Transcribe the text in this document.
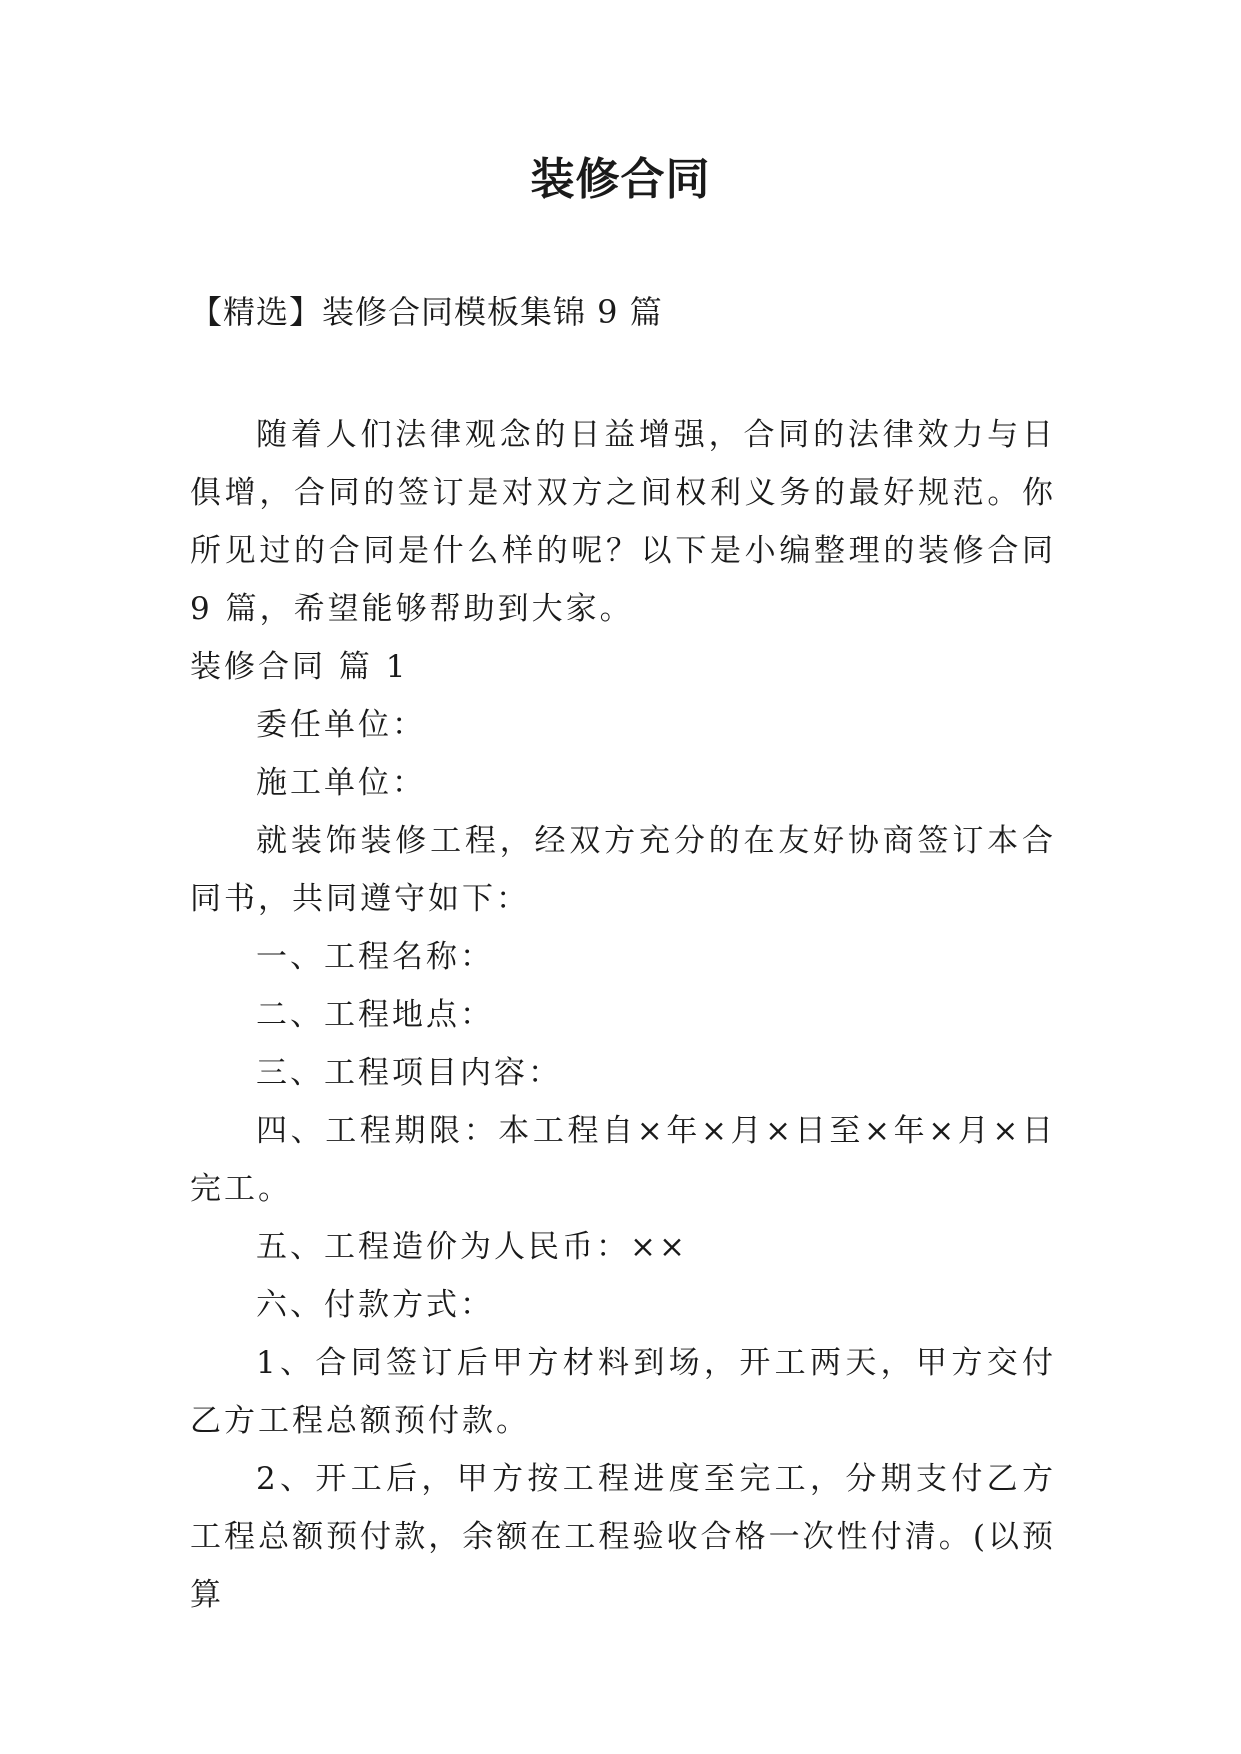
装修合同
【精选】装修合同模板集锦 9 篇

随着人们法律观念的日益增强，合同的法律效力与日俱增，合同的签订是对双方之间权利义务的最好规范。你所见过的合同是什么样的呢？以下是小编整理的装修合同 9 篇，希望能够帮助到大家。

装修合同 篇 1

委任单位：

施工单位：

就装饰装修工程，经双方充分的在友好协商签订本合同书，共同遵守如下：

一、工程名称：

二、工程地点：

三、工程项目内容：

四、工程期限：本工程自×年×月×日至×年×月×日完工。

五、工程造价为人民币：××

六、付款方式：

1、合同签订后甲方材料到场，开工两天，甲方交付乙方工程总额预付款。

2、开工后，甲方按工程进度至完工，分期支付乙方工程总额预付款，余额在工程验收合格一次性付清。(以预算
